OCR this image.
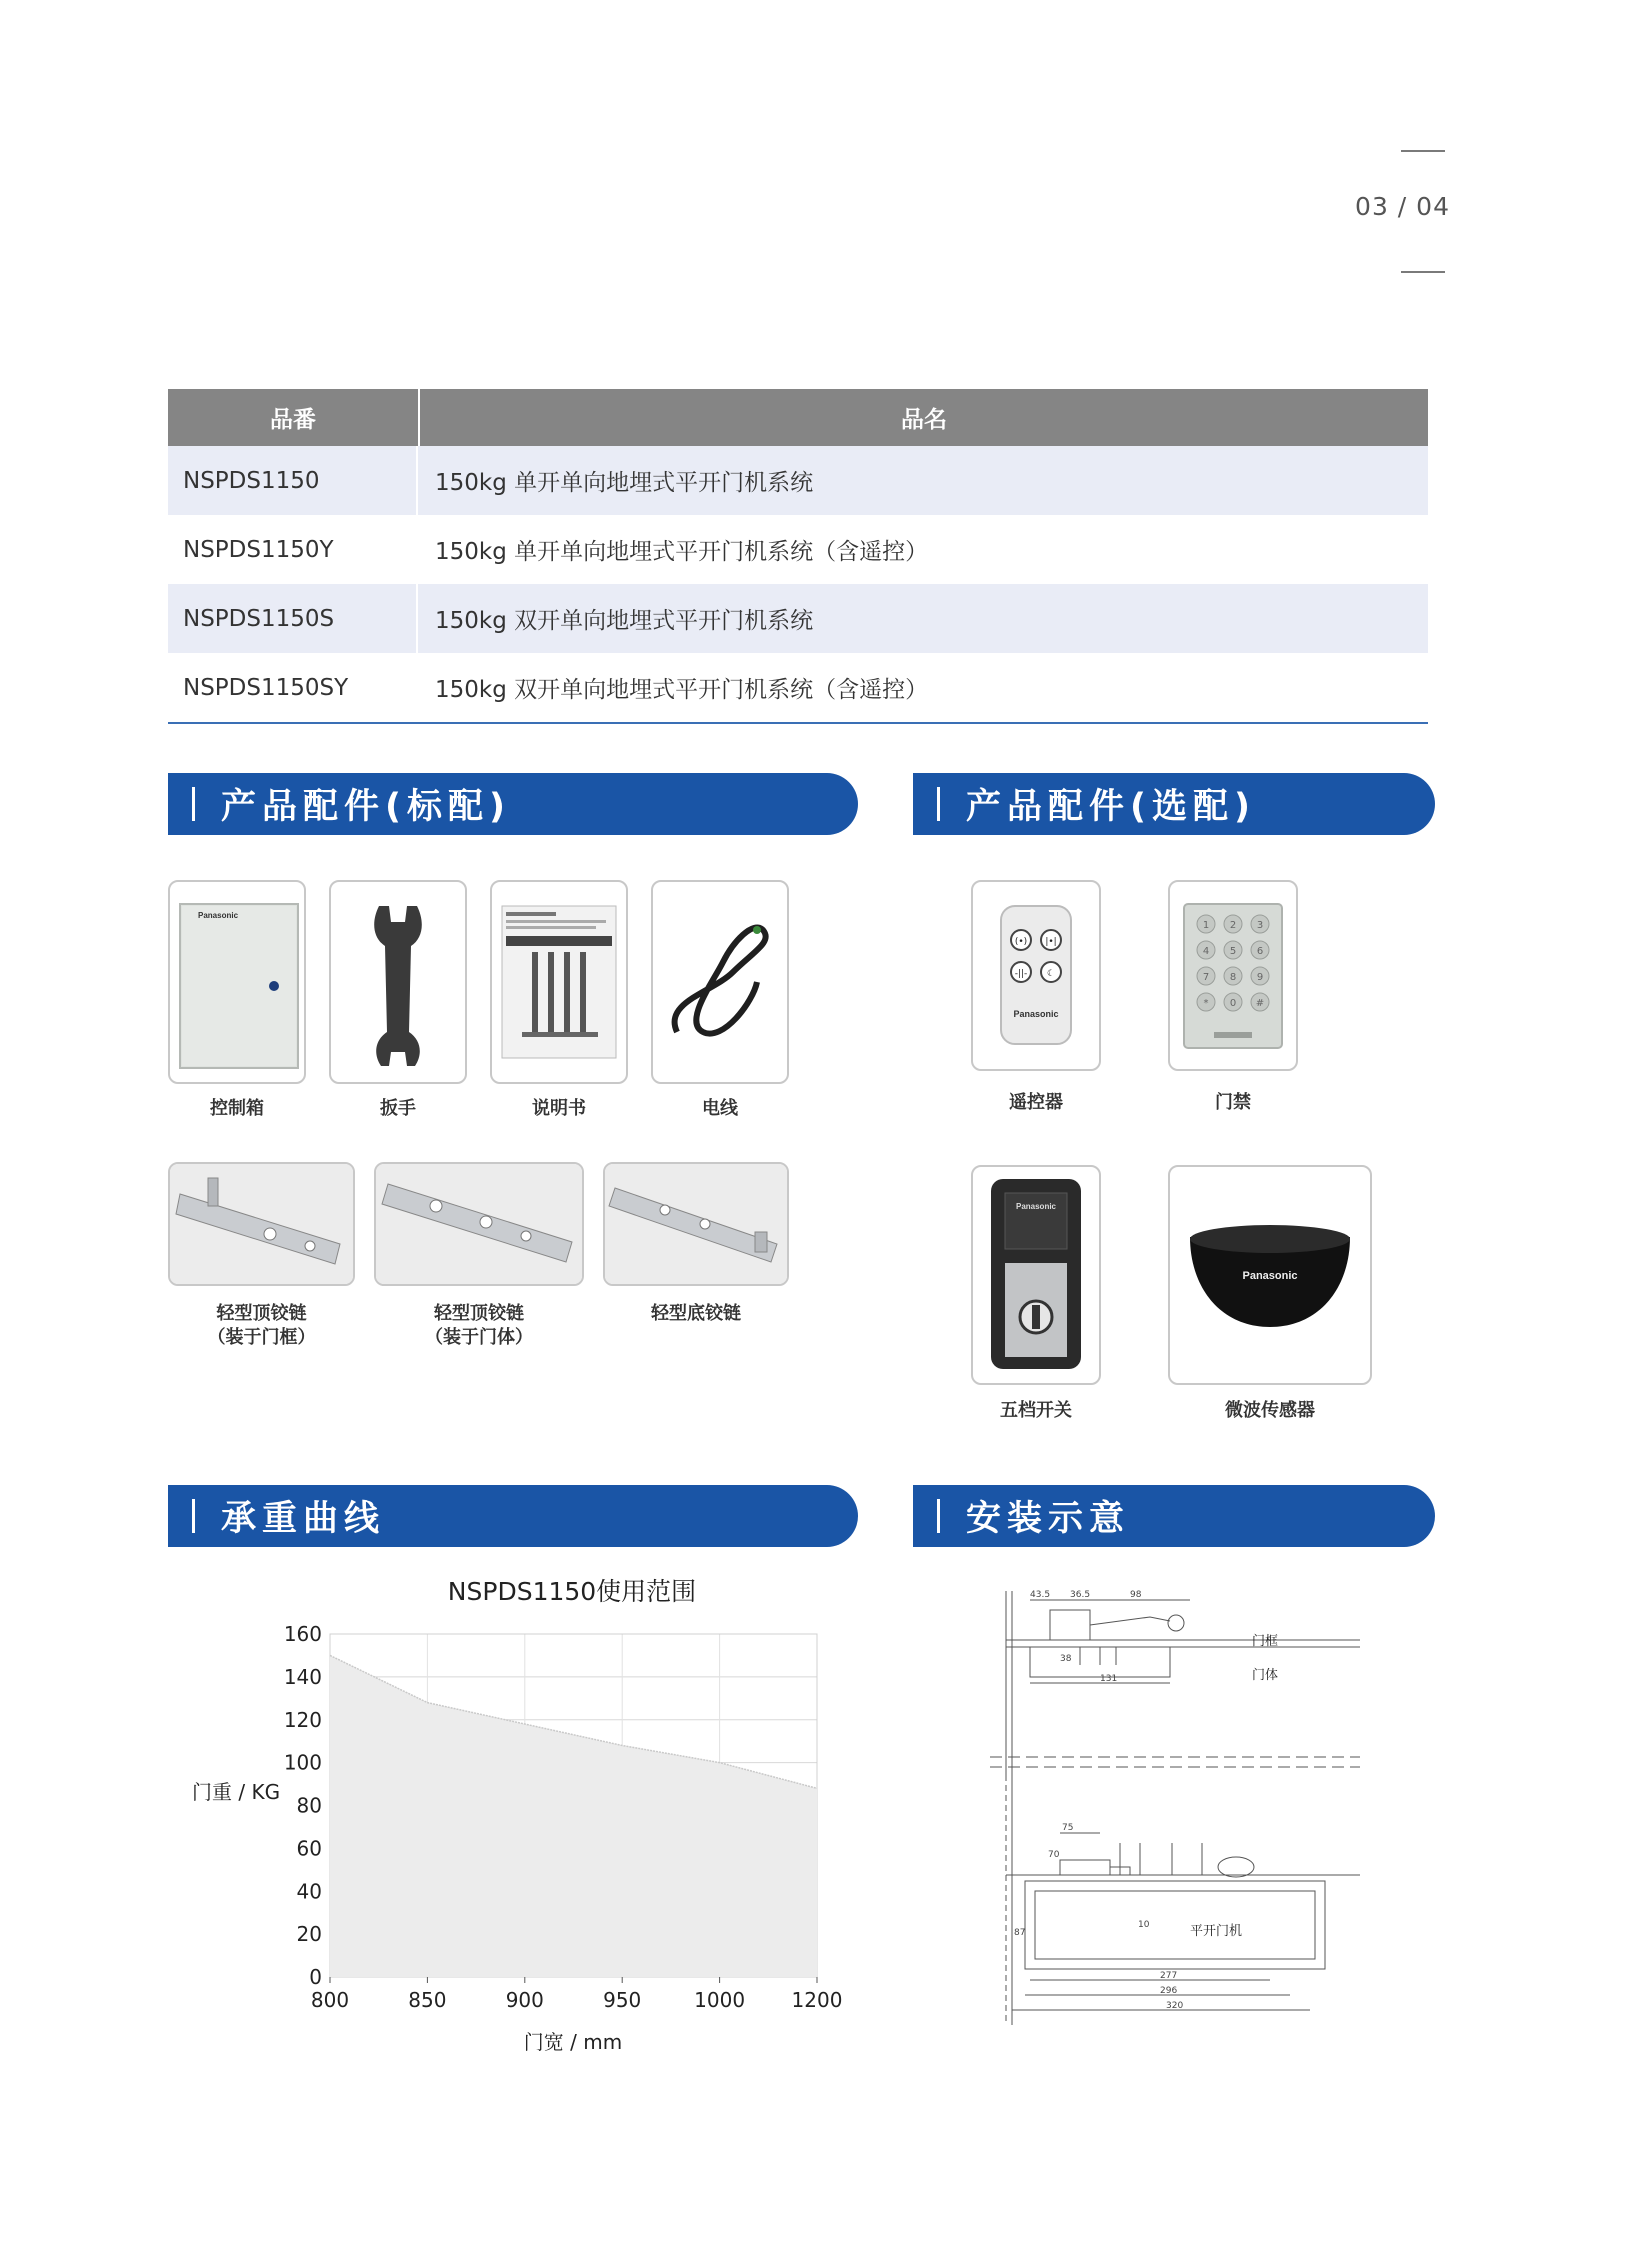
03 / 04
品番	品名
NSPDS1150	150kg 单开单向地埋式平开门机系统
NSPDS1150Y	150kg 单开单向地埋式平开门机系统（含遥控）
NSPDS1150S	150kg 双开单向地埋式平开门机系统
NSPDS1150SY	150kg 双开单向地埋式平开门机系统（含遥控）
产品配件(标配)	产品配件(选配)
承重曲线	安装示意
Panasonic
控制箱	扳手	说明书	电线
轻型顶铰链
（装于门框）
轻型顶铰链
（装于门体）
轻型底铰链
(•) |•|
-||- ☾
Panasonic
遥控器
1 2 3
4 5 6
7 8 9
* 0 #
门禁
Panasonic
五档开关
Panasonic
微波传感器
NSPDS1150使用范围
0
20
40
60
80
100
120
140
160
800	850	900	950	1000 1200
门重 / KG
门宽 / mm
43.5 36.5	98
38
131
75
70
10
87
277
296
320
门框
门体
平开门机
